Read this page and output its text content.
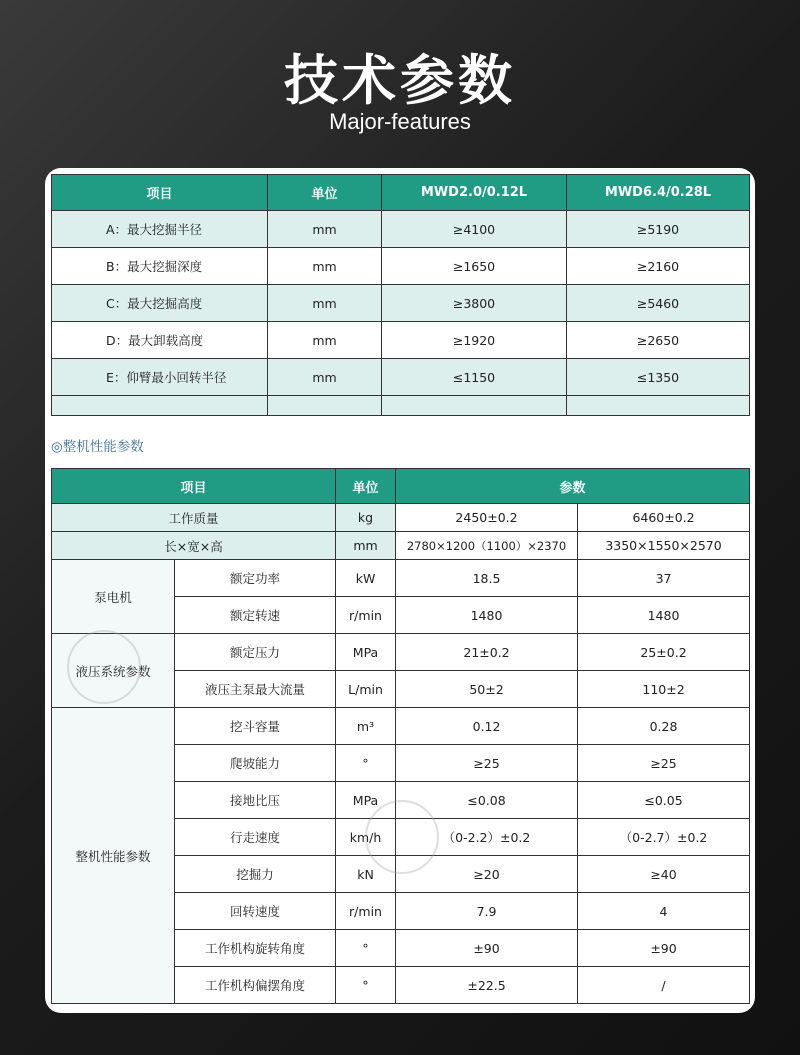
技术参数
Major-features
项目	单位	MWD2.0/0.12L	MWD6.4/0.28L
A：最大挖掘半径	mm	≥4100	≥5190
B：最大挖掘深度	mm	≥1650	≥2160
C：最大挖掘高度	mm	≥3800	≥5460
D：最大卸载高度	mm	≥1920	≥2650
E：仰臂最小回转半径	mm	≤1150	≤1350

◎整机性能参数
项目		单位	参数	
工作质量		kg	2450±0.2	6460±0.2
长×宽×高		mm	2780×1200（1100）×2370	3350×1550×2570
泵电机	额定功率	kW	18.5	37
	额定转速	r/min	1480	1480
液压系统参数	额定压力	MPa	21±0.2	25±0.2
	液压主泵最大流量	L/min	50±2	110±2
整机性能参数	挖斗容量	m³	0.12	0.28
	爬坡能力	°	≥25	≥25
	接地比压	MPa	≤0.08	≤0.05
	行走速度	km/h	（0-2.2）±0.2	（0-2.7）±0.2
	挖掘力	kN	≥20	≥40
	回转速度	r/min	7.9	4
	工作机构旋转角度	°	±90	±90
	工作机构偏摆角度	°	±22.5	/
